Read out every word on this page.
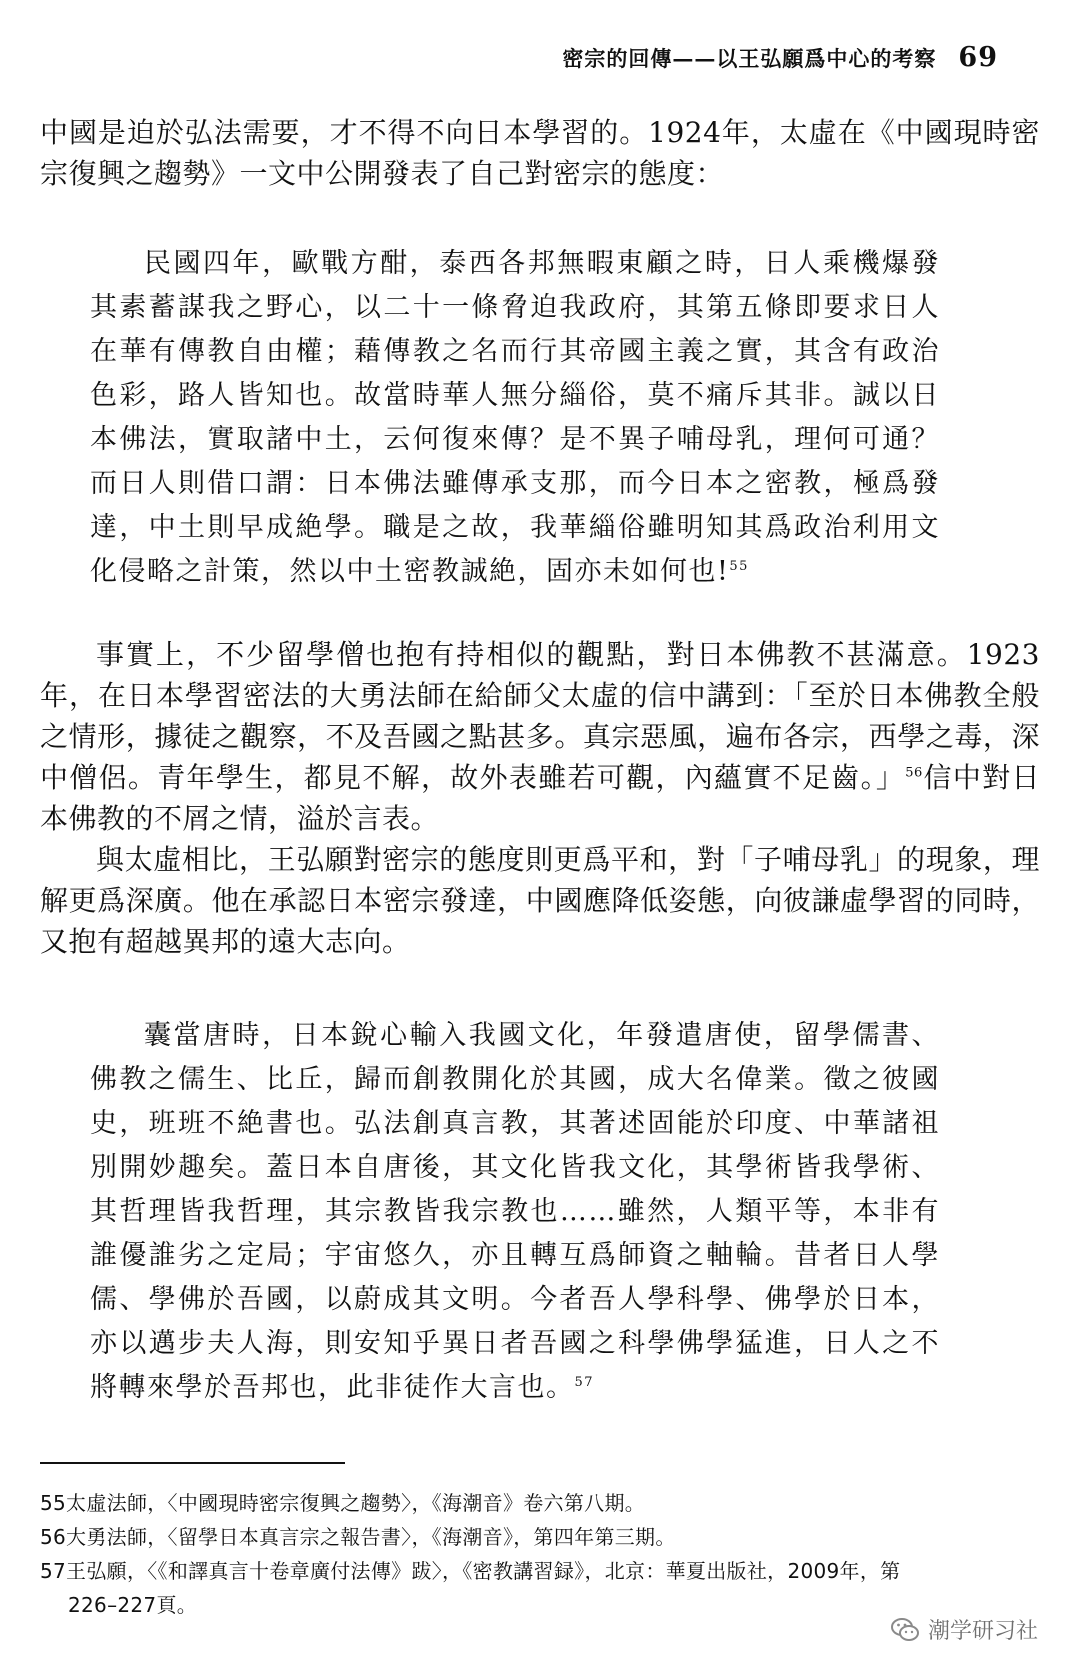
密宗的回傳——以王弘願爲中心的考察 69

中國是迫於弘法需要，才不得不向日本學習的。1924年，太虛在《中國現時密宗復興之趨勢》一文中公開發表了自己對密宗的態度：

民國四年，歐戰方酣，泰西各邦無暇東顧之時，日人乘機爆發其素蓄謀我之野心，以二十一條脅迫我政府，其第五條即要求日人在華有傳教自由權；藉傳教之名而行其帝國主義之實，其含有政治色彩，路人皆知也。故當時華人無分緇俗，莫不痛斥其非。誠以日本佛法，實取諸中土，云何復來傳？是不異子哺母乳，理何可通？而日人則借口謂：日本佛法雖傳承支那，而今日本之密教，極爲發達，中土則早成絶學。職是之故，我華緇俗雖明知其爲政治利用文化侵略之計策，然以中土密教誠絶，固亦未如何也!$^{55}$

事實上，不少留學僧也抱有持相似的觀點，對日本佛教不甚滿意。1923年，在日本學習密法的大勇法師在給師父太虛的信中講到：「至於日本佛教全般之情形，據徒之觀察，不及吾國之點甚多。真宗惡風，遍布各宗，西學之毒，深中僧侶。青年學生，都見不解，故外表雖若可觀，內蘊實不足齒。」$^{56}$信中對日本佛教的不屑之情，溢於言表。

與太虛相比，王弘願對密宗的態度則更爲平和，對「子哺母乳」的現象，理解更爲深廣。他在承認日本密宗發達，中國應降低姿態，向彼謙虛學習的同時，又抱有超越異邦的遠大志向。

囊當唐時，日本銳心輸入我國文化，年發遣唐使，留學儒書、佛教之儒生、比丘，歸而創教開化於其國，成大名偉業。徵之彼國史，班班不絶書也。弘法創真言教，其著述固能於印度、中華諸祖別開妙趣矣。蓋日本自唐後，其文化皆我文化，其學術皆我學術、其哲理皆我哲理，其宗教皆我宗教也……雖然，人類平等，本非有誰優誰劣之定局；宇宙悠久，亦且轉互爲師資之軸輪。昔者日人學儒、學佛於吾國，以蔚成其文明。今者吾人學科學、佛學於日本，亦以邁步夫人海，則安知乎異日者吾國之科學佛學猛進，日人之不將轉來學於吾邦也，此非徒作大言也。$^{57}$

55太虛法師，〈中國現時密宗復興之趨勢〉，《海潮音》卷六第八期。

56大勇法師，〈留學日本真言宗之報告書〉，《海潮音》，第四年第三期。

57王弘願，〈《和譯真言十卷章廣付法傳》跋〉，《密教講習録》，北京：華夏出版社，2009年，第

226–227頁。

潮学研习社
